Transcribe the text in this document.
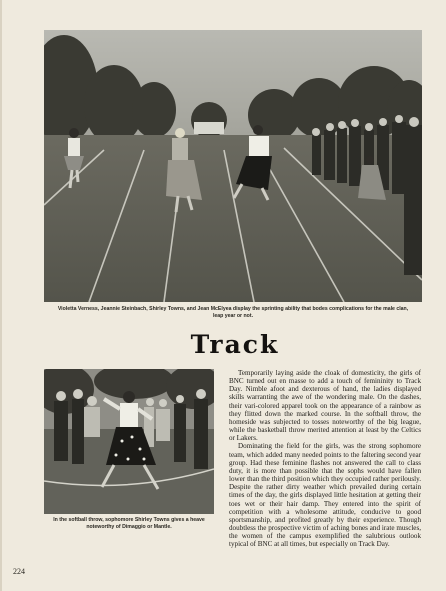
Violetta Verness, Jeannie Steinbach, Shirley Towns, and Jean McElyea display the sprinting ability that bodes complications for the male clan, leap year or not.
Track
In the softball throw, sophomore Shirley Towns gives a heave noteworthy of Dimaggio or Mantle.

Temporarily laying aside the cloak of domesticity, the girls of BNC turned out en masse to add a touch of femininity to Track Day. Nimble afoot and dexterous of hand, the ladies displayed skills warranting the awe of the wondering male. On the dashes, their vari-colored apparel took on the appearance of a rainbow as they flitted down the marked course. In the softball throw, the homeside was subjected to tosses noteworthy of the big league, while the basketball throw merited attention at least by the Celtics or Lakers.

Dominating the field for the girls, was the strong sophomore team, which added many needed points to the faltering second year group. Had these feminine flashes not answered the call to class duty, it is more than possible that the sophs would have fallen lower than the third position which they occupied rather perilously. Despite the rather dirty weather which prevailed during certain times of the day, the girls displayed little hesitation at getting their toes wet or their hair damp. They entered into the spirit of competition with a wholesome attitude, conducive to good sportsmanship, and profited greatly by their experience. Though doubtless the prospective victim of aching bones and irate muscles, the women of the campus exemplified the salubrious outlook typical of BNC at all times, but especially on Track Day.

224
